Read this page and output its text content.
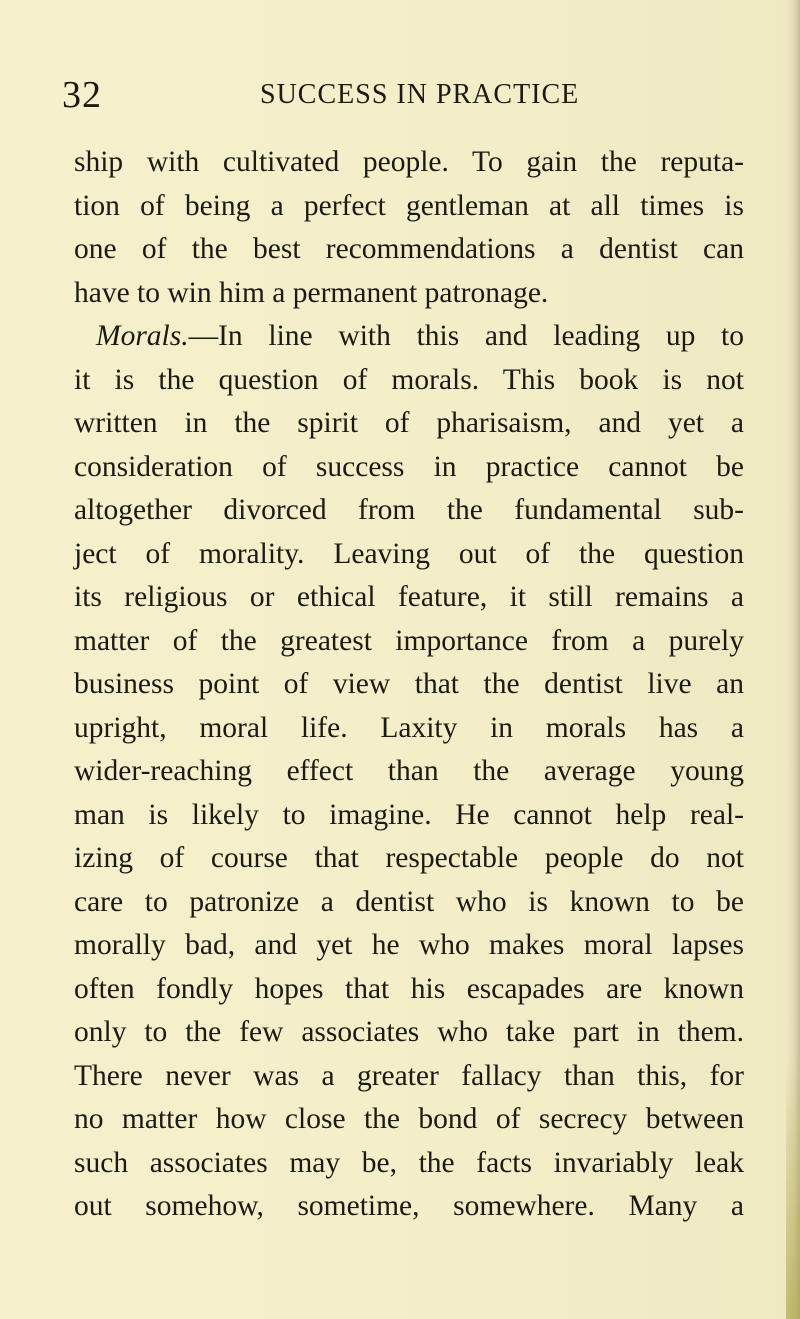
32	SUCCESS IN PRACTICE
ship with cultivated people. To gain the reputa-
tion of being a perfect gentleman at all times is
one of the best recommendations a dentist can
have to win him a permanent patronage.
Morals.—In line with this and leading up to
it is the question of morals. This book is not
written in the spirit of pharisaism, and yet a
consideration of success in practice cannot be
altogether divorced from the fundamental sub-
ject of morality. Leaving out of the question
its religious or ethical feature, it still remains a
matter of the greatest importance from a purely
business point of view that the dentist live an
upright, moral life. Laxity in morals has a
wider-reaching effect than the average young
man is likely to imagine. He cannot help real-
izing of course that respectable people do not
care to patronize a dentist who is known to be
morally bad, and yet he who makes moral lapses
often fondly hopes that his escapades are known
only to the few associates who take part in them.
There never was a greater fallacy than this, for
no matter how close the bond of secrecy between
such associates may be, the facts invariably leak
out somehow, sometime, somewhere. Many a
